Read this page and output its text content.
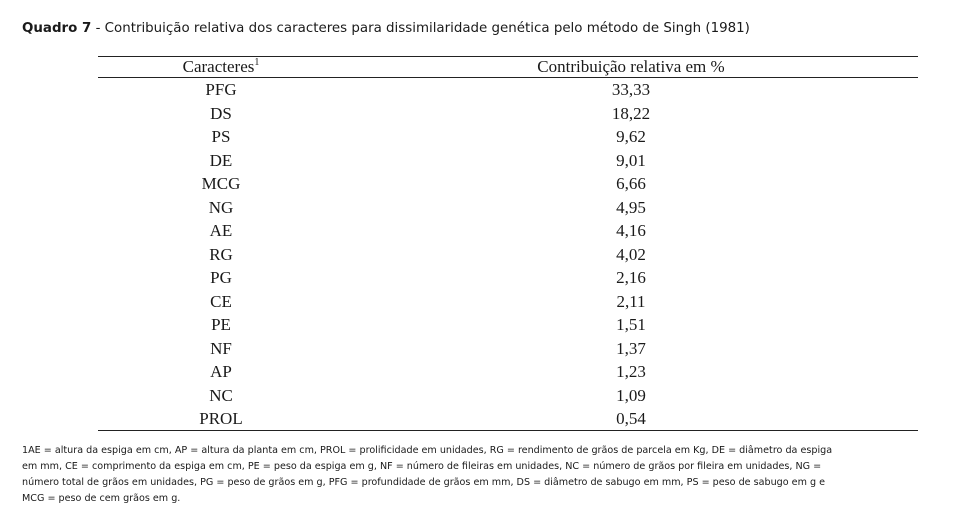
Quadro 7 - Contribuição relativa dos caracteres para dissimilaridade genética pelo método de Singh (1981)
Caracteres$^1$	Contribuição relativa em %
PFG	33,33
DS	18,22
PS	9,62
DE	9,01
MCG	6,66
NG	4,95
AE	4,16
RG	4,02
PG	2,16
CE	2,11
PE	1,51
NF	1,37
AP	1,23
NC	1,09
PROL	0,54
1AE = altura da espiga em cm, AP = altura da planta em cm, PROL = prolificidade em unidades, RG = rendimento de grãos de parcela em Kg, DE = diâmetro da espiga
em mm, CE = comprimento da espiga em cm, PE = peso da espiga em g, NF = número de fileiras em unidades, NC = número de grãos por fileira em unidades, NG =
número total de grãos em unidades, PG = peso de grãos em g, PFG = profundidade de grãos em mm, DS = diâmetro de sabugo em mm, PS = peso de sabugo em g e
MCG = peso de cem grãos em g.
